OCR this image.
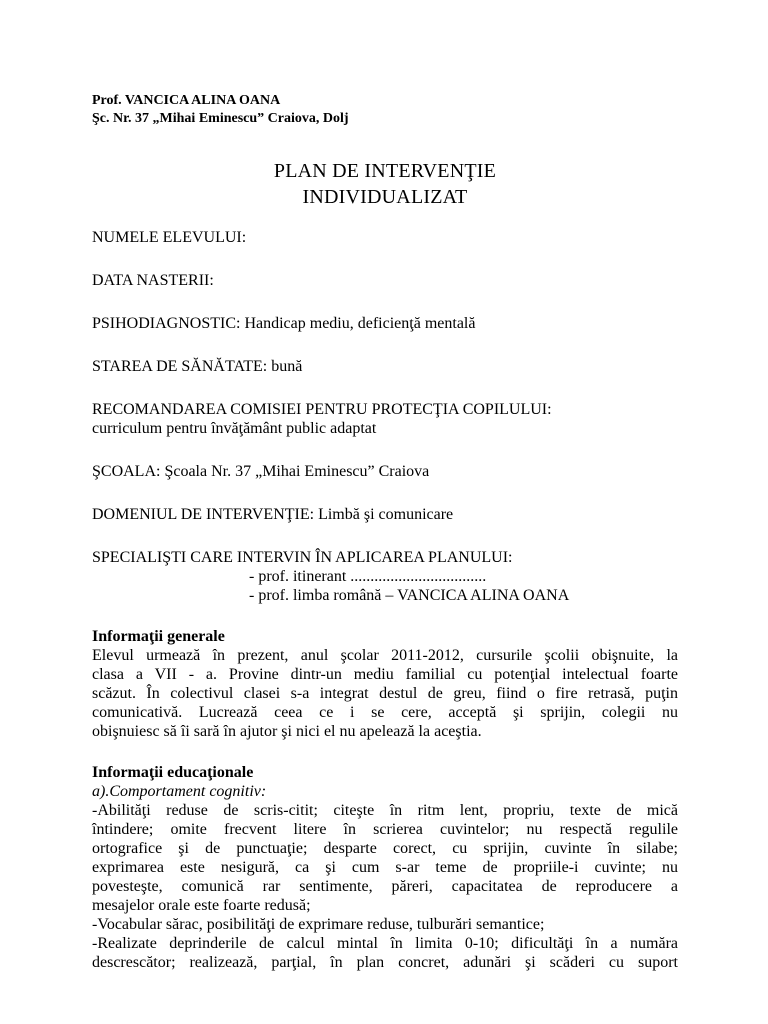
Prof. VANCICA ALINA OANA

Şc. Nr. 37 „Mihai Eminescu” Craiova, Dolj

PLAN DE INTERVENŢIE
INDIVIDUALIZAT

NUMELE ELEVULUI:

DATA NASTERII:

PSIHODIAGNOSTIC: Handicap mediu, deficienţă mentală

STAREA DE SĂNĂTATE: bună

RECOMANDAREA COMISIEI PENTRU PROTECŢIA COPILULUI:

curriculum pentru învăţământ public adaptat

ŞCOALA: Şcoala Nr. 37 „Mihai Eminescu” Craiova

DOMENIUL DE INTERVENŢIE: Limbă şi comunicare

SPECIALIŞTI CARE INTERVIN ÎN APLICAREA PLANULUI:

- prof. itinerant ..................................

- prof. limba română – VANCICA ALINA OANA

Informaţii generale

Elevul urmează în prezent, anul şcolar 2011-2012, cursurile şcolii obişnuite, la
clasa a VII - a. Provine dintr-un mediu familial cu potenţial intelectual foarte
scăzut. În colectivul clasei s-a integrat destul de greu, fiind o fire retrasă, puţin
comunicativă. Lucrează ceea ce i se cere, acceptă şi sprijin, colegii nu
obişnuiesc să îi sară în ajutor şi nici el nu apelează la aceştia.

Informaţii educaţionale

a).Comportament cognitiv:

-Abilităţi reduse de scris-citit; citeşte în ritm lent, propriu, texte de mică
întindere; omite frecvent litere în scrierea cuvintelor; nu respectă regulile
ortografice şi de punctuaţie; desparte corect, cu sprijin, cuvinte în silabe;
exprimarea este nesigură, ca şi cum s-ar teme de propriile-i cuvinte; nu
povesteşte, comunică rar sentimente, păreri, capacitatea de reproducere a
mesajelor orale este foarte redusă;
-Vocabular sărac, posibilităţi de exprimare reduse, tulburări semantice;
-Realizate deprinderile de calcul mintal în limita 0-10; dificultăţi în a număra
descrescător; realizează, parţial, în plan concret, adunări şi scăderi cu suport
